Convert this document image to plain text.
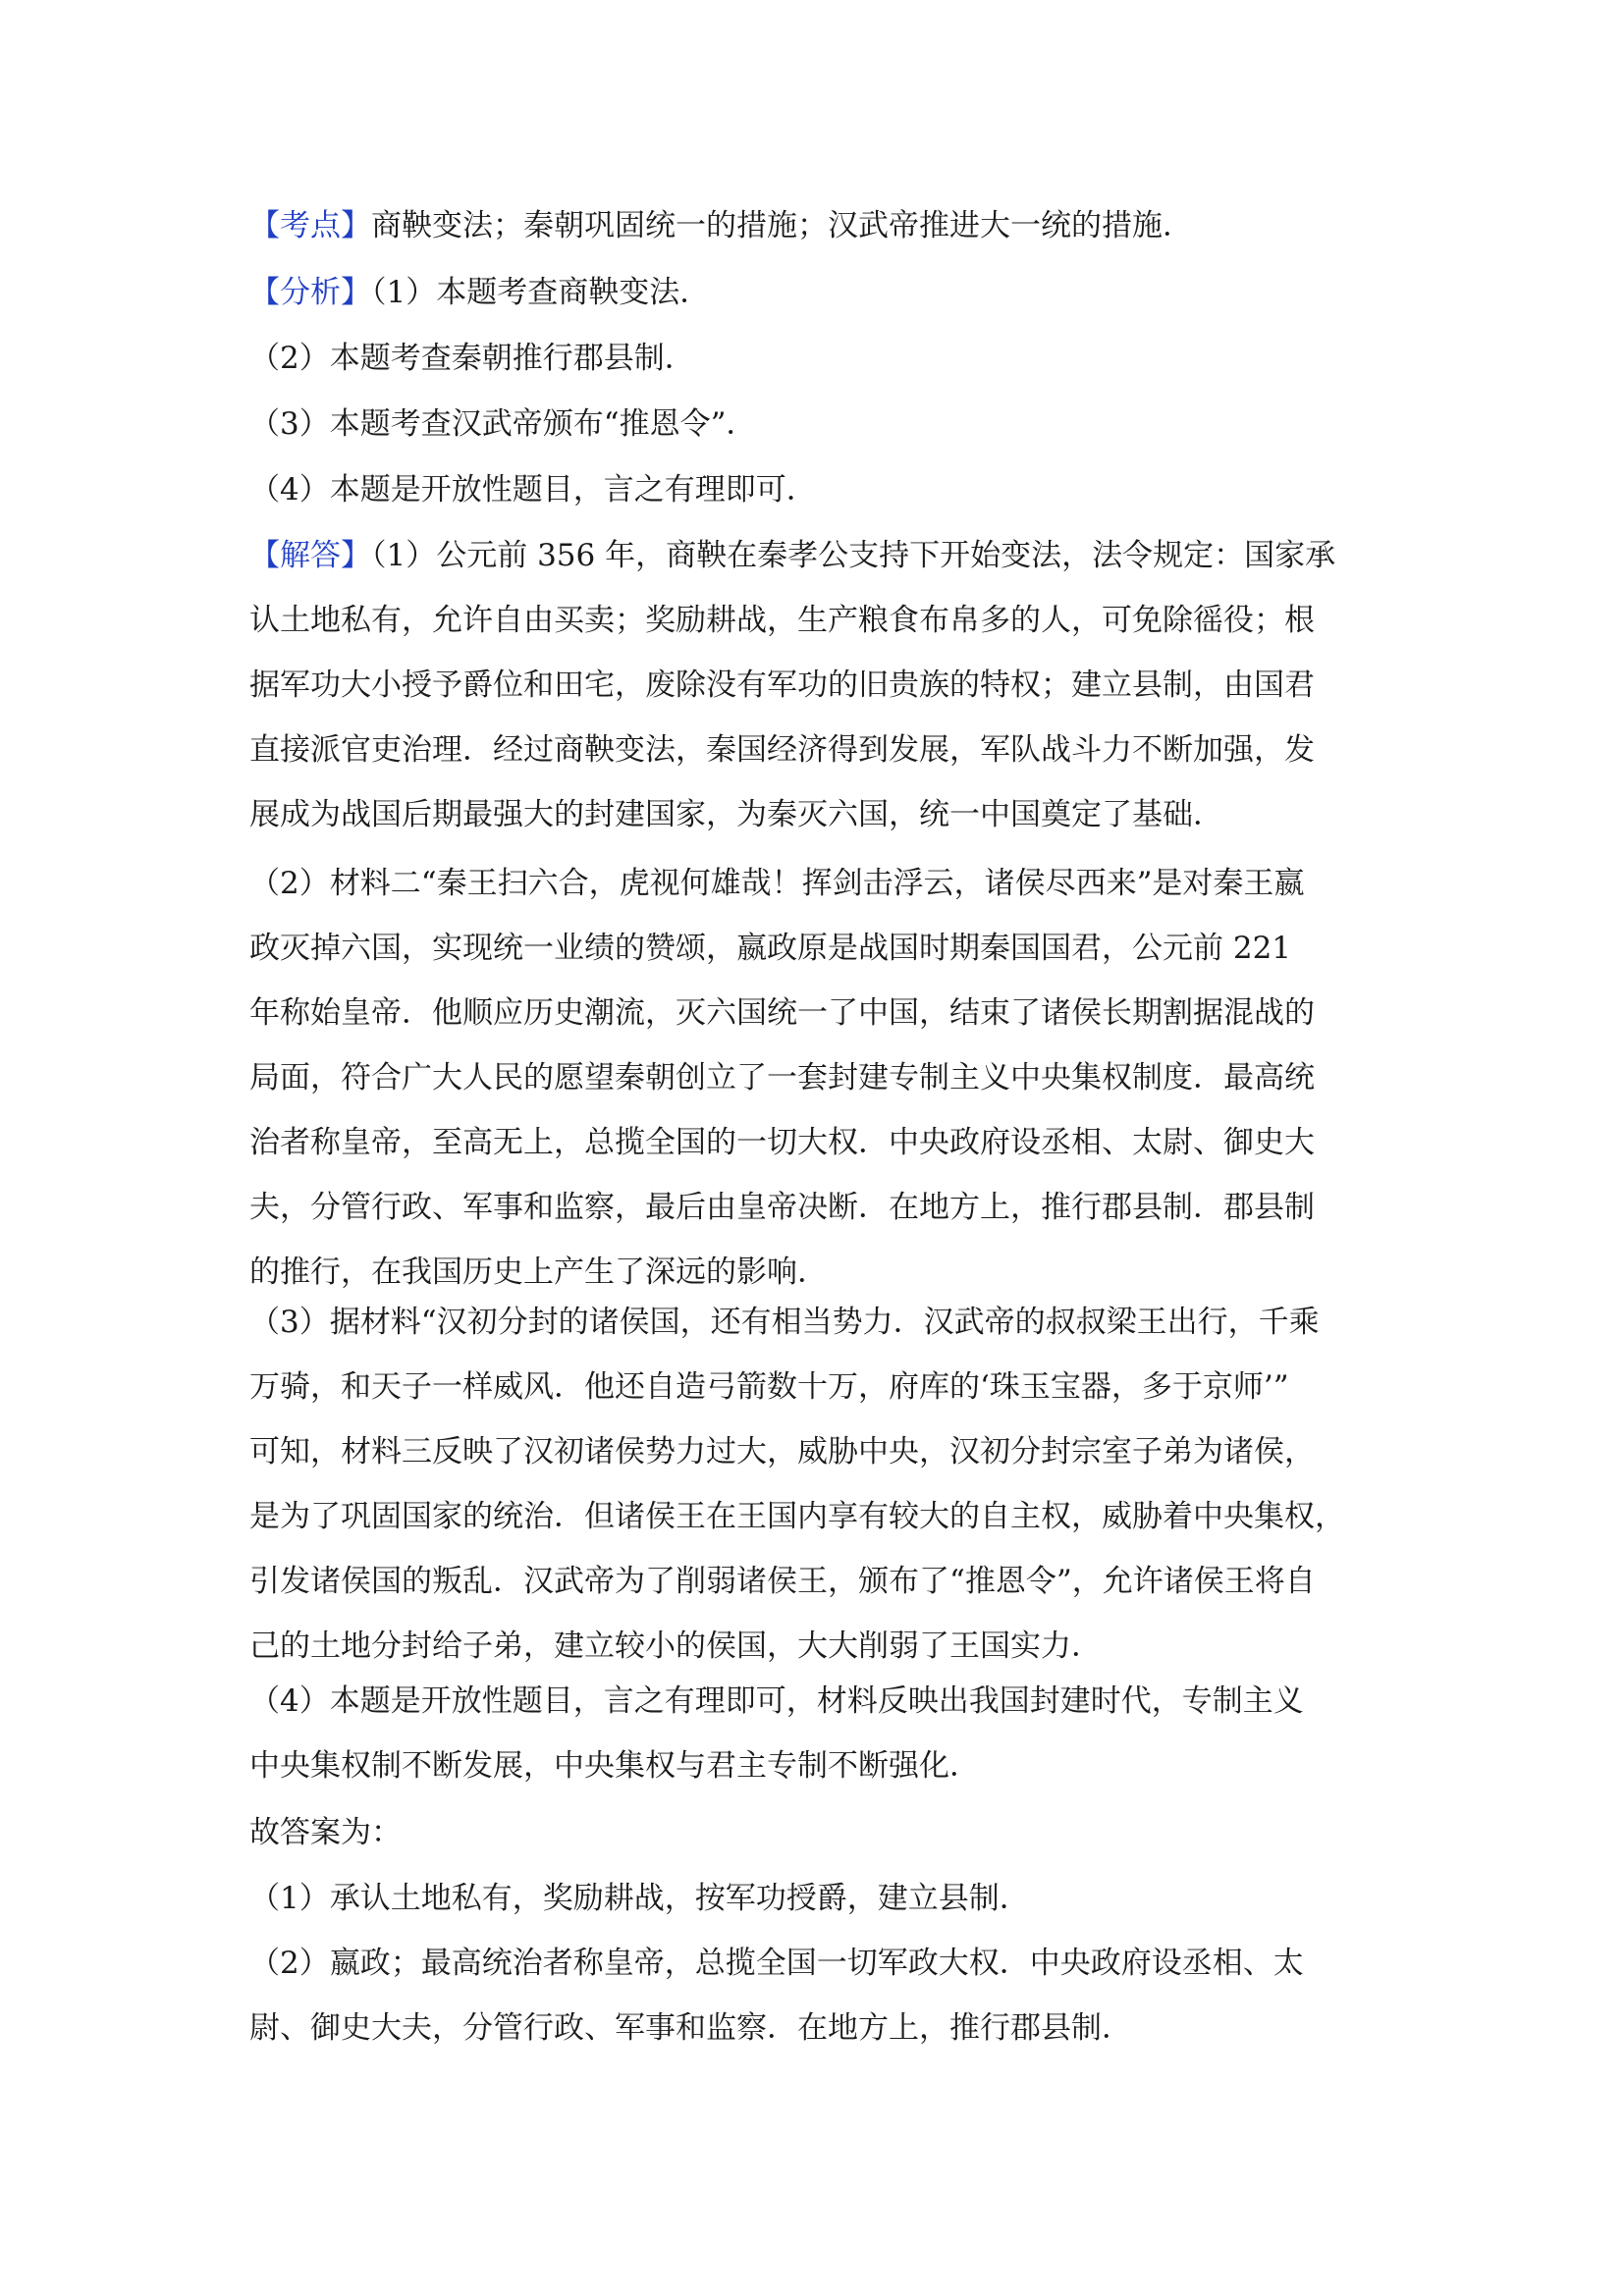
【考点】商鞅变法；秦朝巩固统一的措施；汉武帝推进大一统的措施．

【分析】（1）本题考查商鞅变法．

（2）本题考查秦朝推行郡县制．

（3）本题考查汉武帝颁布“推恩令”．

（4）本题是开放性题目，言之有理即可．

【解答】（1）公元前 356 年，商鞅在秦孝公支持下开始变法，法令规定：国家承
认土地私有，允许自由买卖；奖励耕战，生产粮食布帛多的人，可免除徭役；根
据军功大小授予爵位和田宅，废除没有军功的旧贵族的特权；建立县制，由国君
直接派官吏治理．经过商鞅变法，秦国经济得到发展，军队战斗力不断加强，发
展成为战国后期最强大的封建国家，为秦灭六国，统一中国奠定了基础．
（2）材料二“秦王扫六合，虎视何雄哉！挥剑击浮云，诸侯尽西来”是对秦王嬴
政灭掉六国，实现统一业绩的赞颂，嬴政原是战国时期秦国国君，公元前 221
年称始皇帝．他顺应历史潮流，灭六国统一了中国，结束了诸侯长期割据混战的
局面，符合广大人民的愿望秦朝创立了一套封建专制主义中央集权制度．最高统
治者称皇帝，至高无上，总揽全国的一切大权．中央政府设丞相、太尉、御史大
夫，分管行政、军事和监察，最后由皇帝决断．在地方上，推行郡县制．郡县制
的推行，在我国历史上产生了深远的影响．
（3）据材料“汉初分封的诸侯国，还有相当势力．汉武帝的叔叔梁王出行，千乘
万骑，和天子一样威风．他还自造弓箭数十万，府库的‘珠玉宝器，多于京师’”
可知，材料三反映了汉初诸侯势力过大，威胁中央，汉初分封宗室子弟为诸侯，
是为了巩固国家的统治．但诸侯王在王国内享有较大的自主权，威胁着中央集权，
引发诸侯国的叛乱．汉武帝为了削弱诸侯王，颁布了“推恩令”，允许诸侯王将自
己的土地分封给子弟，建立较小的侯国，大大削弱了王国实力．
（4）本题是开放性题目，言之有理即可，材料反映出我国封建时代，专制主义
中央集权制不断发展，中央集权与君主专制不断强化．

故答案为：

（1）承认土地私有，奖励耕战，按军功授爵，建立县制．

（2）嬴政；最高统治者称皇帝，总揽全国一切军政大权．中央政府设丞相、太
尉、御史大夫，分管行政、军事和监察．在地方上，推行郡县制．
